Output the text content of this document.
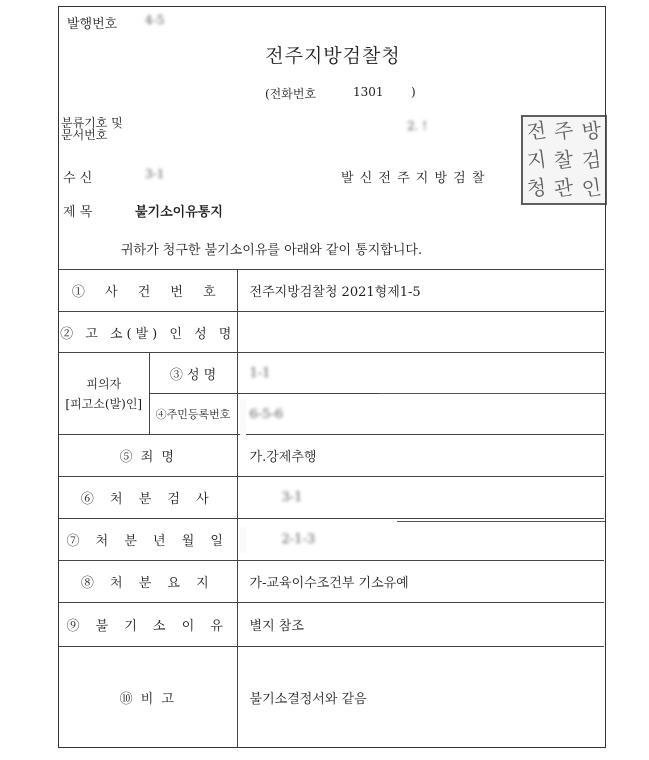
발행번호 4-5
전주지방검찰청
(전화번호	1301 )
분류기호 및
문서번호
2. !
수 신	3-1	발 신 전 주 지 방 검 찰
전 주 방
지 찰 검
청 관 인
제 목	불기소이유통지
귀하가 청구한 불기소이유를 아래와 같이 통지합니다.
① 사 건 번 호		전주지방검찰청 2021형제1-5
② 고 소(발) 인 성 명		

피의자
[피고소(발)인]	③ 성 명	1-1
	④주민등록번호	6-5-6
⑤ 죄 명		가.강제추행
⑥ 처 분 검 사		3-1
⑦ 처 분 년 월 일		2-1-3
⑧ 처 분 요 지		가-교육이수조건부 기소유예
⑨ 불 기 소 이 유		별지 참조
⑩ 비 고		불기소결정서와 같음
